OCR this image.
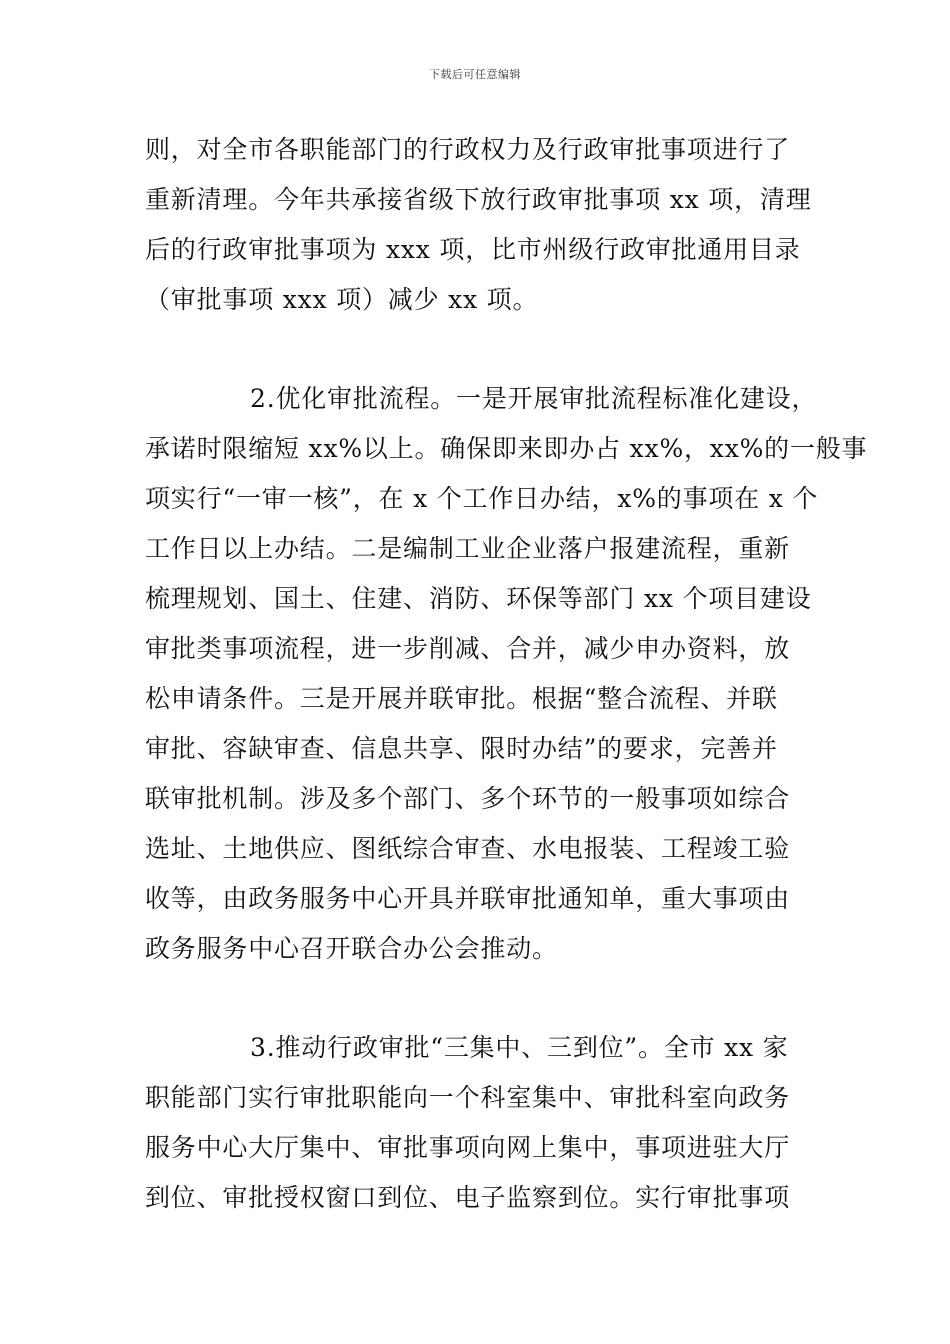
下载后可任意编辑
则，对全市各职能部门的行政权力及行政审批事项进行了
重新清理。今年共承接省级下放行政审批事项 xx 项，清理
后的行政审批事项为 xxx 项，比市州级行政审批通用目录
（审批事项 xxx 项）减少 xx 项。
2.优化审批流程。一是开展审批流程标准化建设，
承诺时限缩短 xx%以上。确保即来即办占 xx%，xx%的一般事
项实行“一审一核”，在 x 个工作日办结，x%的事项在 x 个
工作日以上办结。二是编制工业企业落户报建流程，重新
梳理规划、国土、住建、消防、环保等部门 xx 个项目建设
审批类事项流程，进一步削减、合并，减少申办资料，放
松申请条件。三是开展并联审批。根据“整合流程、并联
审批、容缺审查、信息共享、限时办结”的要求，完善并
联审批机制。涉及多个部门、多个环节的一般事项如综合
选址、土地供应、图纸综合审查、水电报装、工程竣工验
收等，由政务服务中心开具并联审批通知单，重大事项由
政务服务中心召开联合办公会推动。
3.推动行政审批“三集中、三到位”。全市 xx 家
职能部门实行审批职能向一个科室集中、审批科室向政务
服务中心大厅集中、审批事项向网上集中，事项进驻大厅
到位、审批授权窗口到位、电子监察到位。实行审批事项
